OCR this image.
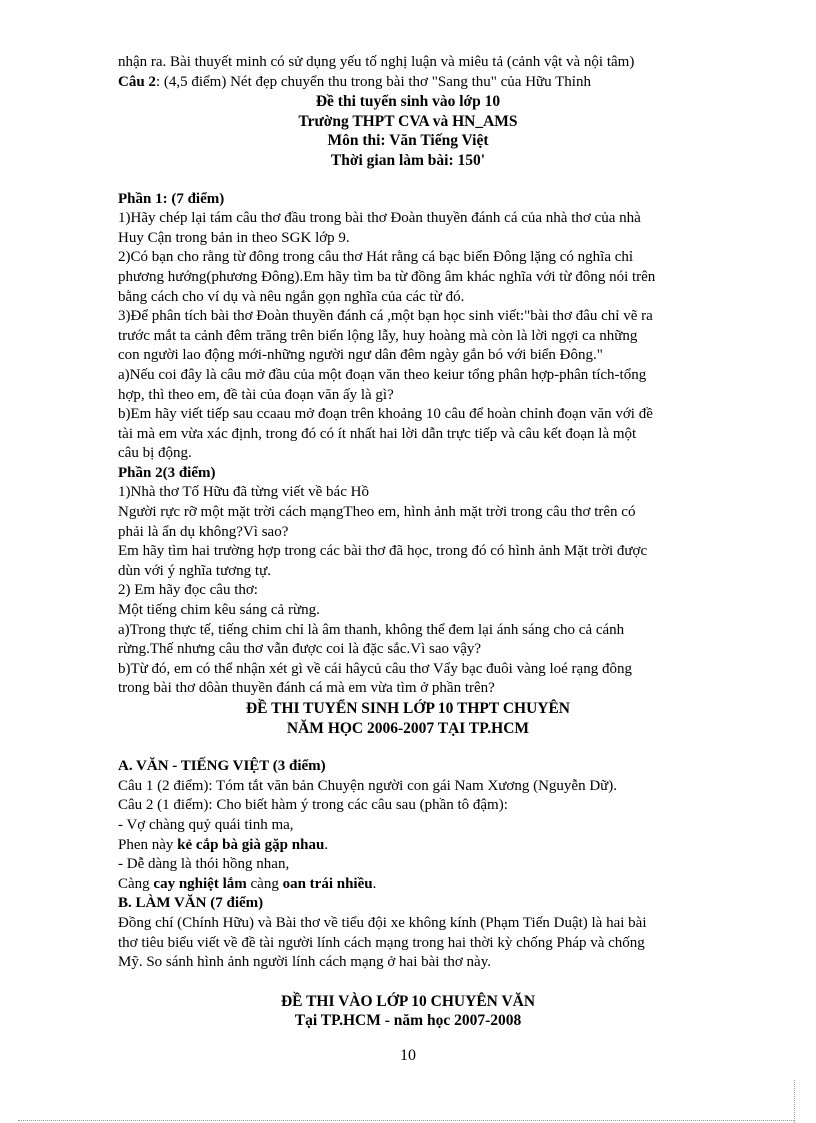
nhận ra. Bài thuyết minh có sử dụng yếu tố nghị luận và miêu tả (cảnh vật và nội tâm)
Câu 2: (4,5 điểm) Nét đẹp chuyển thu trong bài thơ "Sang thu" của Hữu Thỉnh
Đề thi tuyển sinh vào lớp 10
Trường THPT CVA và HN_AMS
Môn thi: Văn Tiếng Việt
Thời gian làm bài: 150'
Phần 1: (7 điểm)
1)Hãy chép lại tám câu thơ đầu trong bài thơ Đoàn thuyền đánh cá của nhà thơ của nhà
Huy Cận trong bản in theo SGK lớp 9.
2)Có bạn cho rằng từ đông trong câu thơ Hát rằng cá bạc biển Đông lặng có nghĩa chỉ
phương hướng(phương Đông).Em hãy tìm ba từ đồng âm khác nghĩa với từ đông nói trên
bằng cách cho ví dụ và nêu ngắn gọn nghĩa của các từ đó.
3)Để phân tích bài thơ Đoàn thuyền đánh cá ,một bạn học sinh viết:"bài thơ đâu chỉ vẽ ra
trước mắt ta cảnh đêm trăng trên biển lộng lẫy, huy hoàng mà còn là lời ngợi ca những
con người lao động mới-những người ngư dân đêm ngày gắn bó với biển Đông."
a)Nếu coi đây là câu mở đầu của một đoạn văn theo keiur tổng phân hợp-phân tích-tổng
hợp, thì theo em, đề tài của đoạn văn ấy là gì?
b)Em hãy viết tiếp sau ccaau mở đoạn trên khoảng 10 câu để hoàn chỉnh đoạn văn với đề
tài mà em vừa xác định, trong đó có ít nhất hai lời dẫn trực tiếp và câu kết đoạn là một
câu bị động.
Phần 2(3 điểm)
1)Nhà thơ Tố Hữu đã từng viết về bác Hồ
Người rực rỡ một mặt trời cách mạngTheo em, hình ảnh mặt trời trong câu thơ trên có
phải là ẩn dụ không?Vì sao?
Em hãy tìm hai trường hợp trong các bài thơ đã học, trong đó có hình ảnh Mặt trời được
dùn với ý nghĩa tương tự.
2) Em hãy đọc câu thơ:
Một tiếng chim kêu sáng cả rừng.
a)Trong thực tế, tiếng chim chỉ là âm thanh, không thể đem lại ánh sáng cho cả cánh
rừng.Thế nhưng câu thơ vẫn được coi là đặc sắc.Vì sao vậy?
b)Từ đó, em có thể nhận xét gì về cái hâycủ câu thơ Vẩy bạc đuôi vàng loé rạng đông
trong bài thơ dôàn thuyền đánh cá mà em vừa tìm ở phần trên?
ĐỀ THI TUYỂN SINH LỚP 10 THPT CHUYÊN
NĂM HỌC 2006-2007 TẠI TP.HCM
A. VĂN - TIẾNG VIỆT (3 điểm)
Câu 1 (2 điểm): Tóm tắt văn bản Chuyện người con gái Nam Xương (Nguyễn Dữ).
Câu 2 (1 điểm): Cho biết hàm ý trong các câu sau (phần tô đậm):
- Vợ chàng quỷ quái tinh ma,
Phen này kẻ cắp bà già gặp nhau.
- Dễ dàng là thói hồng nhan,
Càng cay nghiệt lắm càng oan trái nhiều.
B. LÀM VĂN (7 điểm)
Đồng chí (Chính Hữu) và Bài thơ về tiểu đội xe không kính (Phạm Tiến Duật) là hai bài
thơ tiêu biểu viết về đề tài người lính cách mạng trong hai thời kỳ chống Pháp và chống
Mỹ. So sánh hình ảnh người lính cách mạng ở hai bài thơ này.
ĐỀ THI VÀO LỚP 10 CHUYÊN VĂN
Tại TP.HCM - năm học 2007-2008
10
